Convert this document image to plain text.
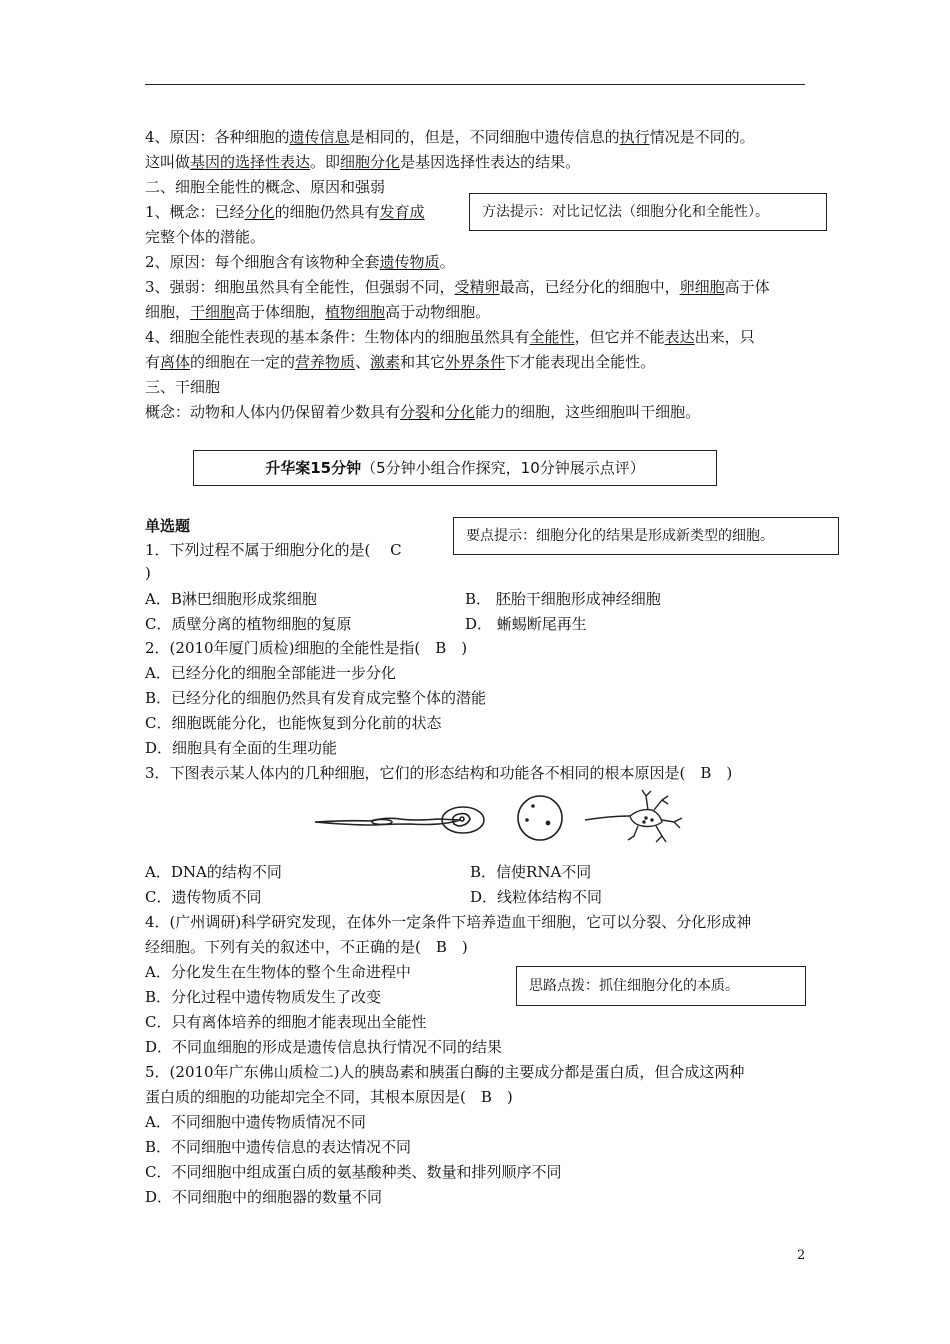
4、原因：各种细胞的遗传信息是相同的，但是，不同细胞中遗传信息的执行情况是不同的。
这叫做基因的选择性表达。即细胞分化是基因选择性表达的结果。
二、细胞全能性的概念、原因和强弱
1、概念：已经分化的细胞仍然具有发育成	方法提示：对比记忆法（细胞分化和全能性）。
完整个体的潜能。
2、原因：每个细胞含有该物种全套遗传物质。
3、强弱：细胞虽然具有全能性，但强弱不同，受精卵最高，已经分化的细胞中，卵细胞高于体
细胞，干细胞高于体细胞，植物细胞高于动物细胞。
4、细胞全能性表现的基本条件：生物体内的细胞虽然具有全能性，但它并不能表达出来，只
有离体的细胞在一定的营养物质、激素和其它外界条件下才能表现出全能性。
三、干细胞
概念：动物和人体内仍保留着少数具有分裂和分化能力的细胞，这些细胞叫干细胞。
升华案15分钟（5分钟小组合作探究，10分钟展示点评）
单选题
要点提示：细胞分化的结果是形成新类型的细胞。
1．下列过程不属于细胞分化的是(　 C
)
A．B淋巴细胞形成浆细胞	B． 胚胎干细胞形成神经细胞
C．质壁分离的植物细胞的复原	D． 蜥蜴断尾再生
2．(2010年厦门质检)细胞的全能性是指(　B　)
A．已经分化的细胞全部能进一步分化
B．已经分化的细胞仍然具有发育成完整个体的潜能
C．细胞既能分化，也能恢复到分化前的状态
D．细胞具有全面的生理功能
3．下图表示某人体内的几种细胞，它们的形态结构和功能各不相同的根本原因是(　B　)
A．DNA的结构不同	B．信使RNA不同
C．遗传物质不同	D．线粒体结构不同
4．(广州调研)科学研究发现，在体外一定条件下培养造血干细胞，它可以分裂、分化形成神
经细胞。下列有关的叙述中，不正确的是(　B　)
A．分化发生在生物体的整个生命进程中
思路点拨：抓住细胞分化的本质。
B．分化过程中遗传物质发生了改变
C．只有离体培养的细胞才能表现出全能性
D．不同血细胞的形成是遗传信息执行情况不同的结果
5．(2010年广东佛山质检二)人的胰岛素和胰蛋白酶的主要成分都是蛋白质，但合成这两种
蛋白质的细胞的功能却完全不同，其根本原因是(　B　)
A．不同细胞中遗传物质情况不同
B．不同细胞中遗传信息的表达情况不同
C．不同细胞中组成蛋白质的氨基酸种类、数量和排列顺序不同
D．不同细胞中的细胞器的数量不同
2
